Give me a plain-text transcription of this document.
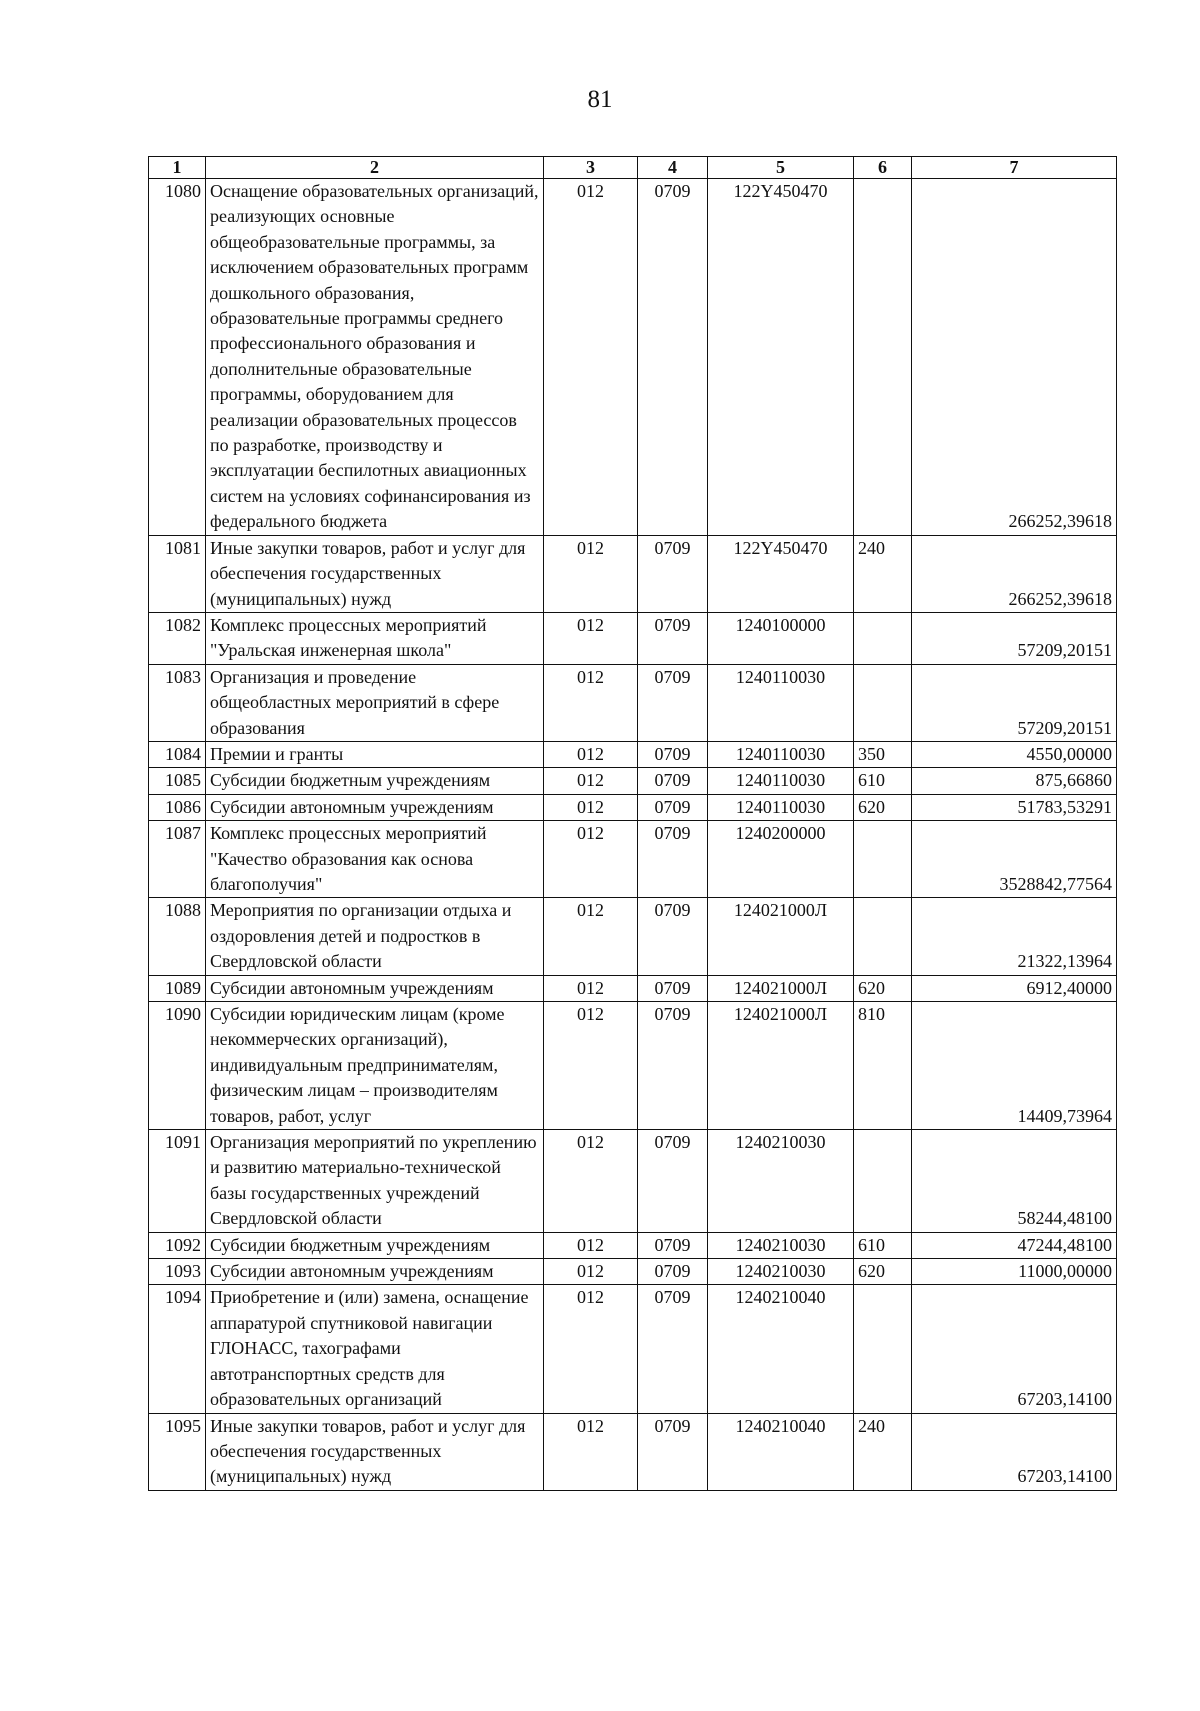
81
1	2	3	4	5	6	7
1080	Оснащение образовательных организаций, реализующих основные общеобразовательные программы, за исключением образовательных программ дошкольного образования, образовательные программы среднего профессионального образования и дополнительные образовательные программы, оборудованием для реализации образовательных процессов по разработке, производству и эксплуатации беспилотных авиационных систем на условиях софинансирования из федерального бюджета	012	0709	122Y450470		266252,39618
1081	Иные закупки товаров, работ и услуг для обеспечения государственных (муниципальных) нужд	012	0709	122Y450470	240	266252,39618
1082	Комплекс процессных мероприятий "Уральская инженерная школа"	012	0709	1240100000		57209,20151
1083	Организация и проведение общеобластных мероприятий в сфере образования	012	0709	1240110030		57209,20151
1084	Премии и гранты	012	0709	1240110030	350	4550,00000
1085	Субсидии бюджетным учреждениям	012	0709	1240110030	610	875,66860
1086	Субсидии автономным учреждениям	012	0709	1240110030	620	51783,53291
1087	Комплекс процессных мероприятий "Качество образования как основа благополучия"	012	0709	1240200000		3528842,77564
1088	Мероприятия по организации отдыха и оздоровления детей и подростков в Свердловской области	012	0709	124021000Л		21322,13964
1089	Субсидии автономным учреждениям	012	0709	124021000Л	620	6912,40000
1090	Субсидии юридическим лицам (кроме некоммерческих организаций), индивидуальным предпринимателям, физическим лицам – производителям товаров, работ, услуг	012	0709	124021000Л	810	14409,73964
1091	Организация мероприятий по укреплению и развитию материально-технической базы государственных учреждений Свердловской области	012	0709	1240210030		58244,48100
1092	Субсидии бюджетным учреждениям	012	0709	1240210030	610	47244,48100
1093	Субсидии автономным учреждениям	012	0709	1240210030	620	11000,00000
1094	Приобретение и (или) замена, оснащение аппаратурой спутниковой навигации ГЛОНАСС, тахографами автотранспортных средств для образовательных организаций	012	0709	1240210040		67203,14100
1095	Иные закупки товаров, работ и услуг для обеспечения государственных (муниципальных) нужд	012	0709	1240210040	240	67203,14100
